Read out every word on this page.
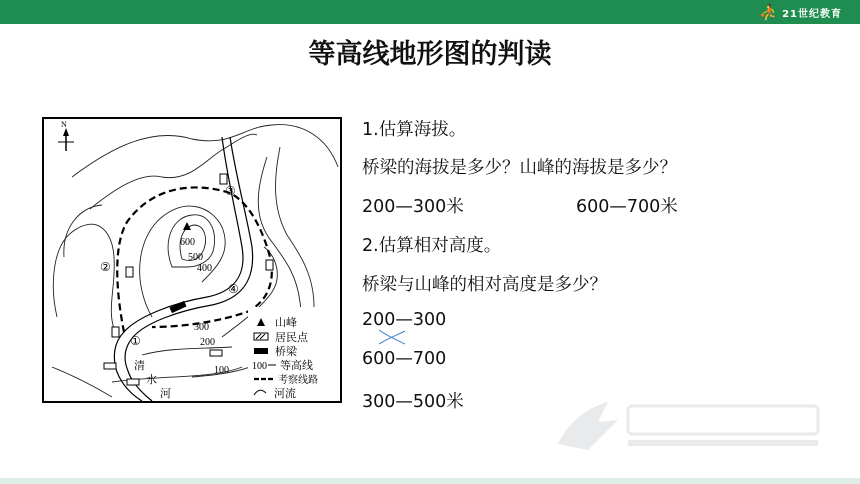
⛹ 21世纪教育
等高线地形图的判读
N
600
500
400
300
200
100
③
②
④
①
清
水
河
山峰
居民点
桥梁
100 等高线
考察线路
河流
1.估算海拔。
桥梁的海拔是多少？山峰的海拔是多少？
200—300米	600—700米
2.估算相对高度。
桥梁与山峰的相对高度是多少？
200—300
600—700
300—500米
